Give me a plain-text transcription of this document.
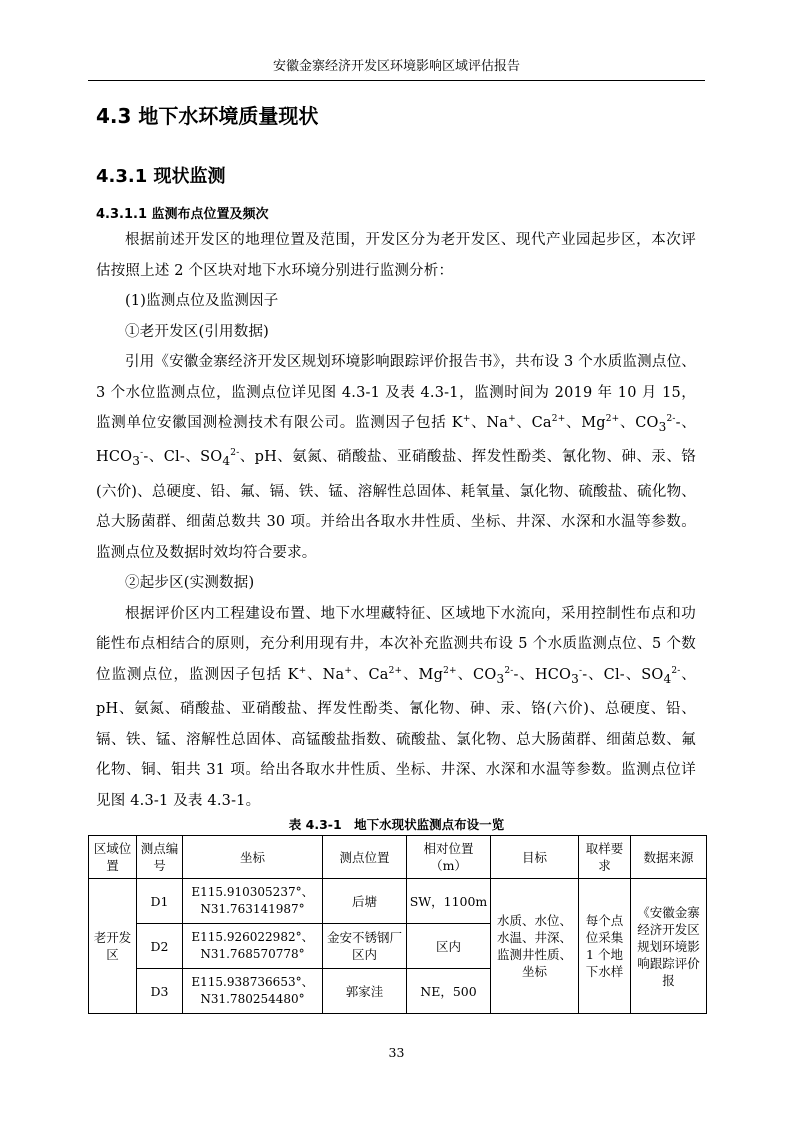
安徽金寨经济开发区环境影响区域评估报告
4.3 地下水环境质量现状
4.3.1 现状监测
4.3.1.1 监测布点位置及频次

根据前述开发区的地理位置及范围，开发区分为老开发区、现代产业园起步区，本次评估按照上述 2 个区块对地下水环境分别进行监测分析：

(1)监测点位及监测因子

①老开发区(引用数据)

引用《安徽金寨经济开发区规划环境影响跟踪评价报告书》，共布设 3 个水质监测点位、3 个水位监测点位，监测点位详见图 4.3-1 及表 4.3-1，监测时间为 2019 年 10 月 15，监测单位安徽国测检测技术有限公司。监测因子包括 K+、Na+、$Ca^{2+}$、$Mg^{2+}$、$CO_3^{2-}-$、$HCO_3^--$、Cl-、$SO_4^{2-}$、pH、氨氮、硝酸盐、亚硝酸盐、挥发性酚类、氰化物、砷、汞、铬(六价)、总硬度、铅、氟、镉、铁、锰、溶解性总固体、耗氧量、氯化物、硫酸盐、硫化物、总大肠菌群、细菌总数共 30 项。并给出各取水井性质、坐标、井深、水深和水温等参数。监测点位及数据时效均符合要求。

②起步区(实测数据)

根据评价区内工程建设布置、地下水埋藏特征、区域地下水流向，采用控制性布点和功能性布点相结合的原则，充分利用现有井，本次补充监测共布设 5 个水质监测点位、5 个数位监测点位，监测因子包括 K+、Na+、$Ca^{2+}$、$Mg^{2+}$、$CO_3^{2-}-$、$HCO_3^--$、Cl-、$SO_4^{2-}$、pH、氨氮、硝酸盐、亚硝酸盐、挥发性酚类、氰化物、砷、汞、铬(六价)、总硬度、铅、镉、铁、锰、溶解性总固体、高锰酸盐指数、硫酸盐、氯化物、总大肠菌群、细菌总数、氟化物、铜、钼共 31 项。给出各取水井性质、坐标、井深、水深和水温等参数。监测点位详见图 4.3-1 及表 4.3-1。

表 4.3-1　地下水现状监测点布设一览
区域位置	测点编号	坐标	测点位置	相对位置（m）	目标	取样要求	数据来源
老开发区	D1	E115.910305237°、
N31.763141987°	后塘	SW，1100m	水质、水位、水温、井深、监测井性质、坐标	每个点位采集 1 个地下水样	《安徽金寨经济开发区规划环境影响跟踪评价报
	D2	E115.926022982°、
N31.768570778°	金安不锈钢厂区内	区内			
	D3	E115.938736653°、
N31.780254480°	郭家洼	NE，500			
33
